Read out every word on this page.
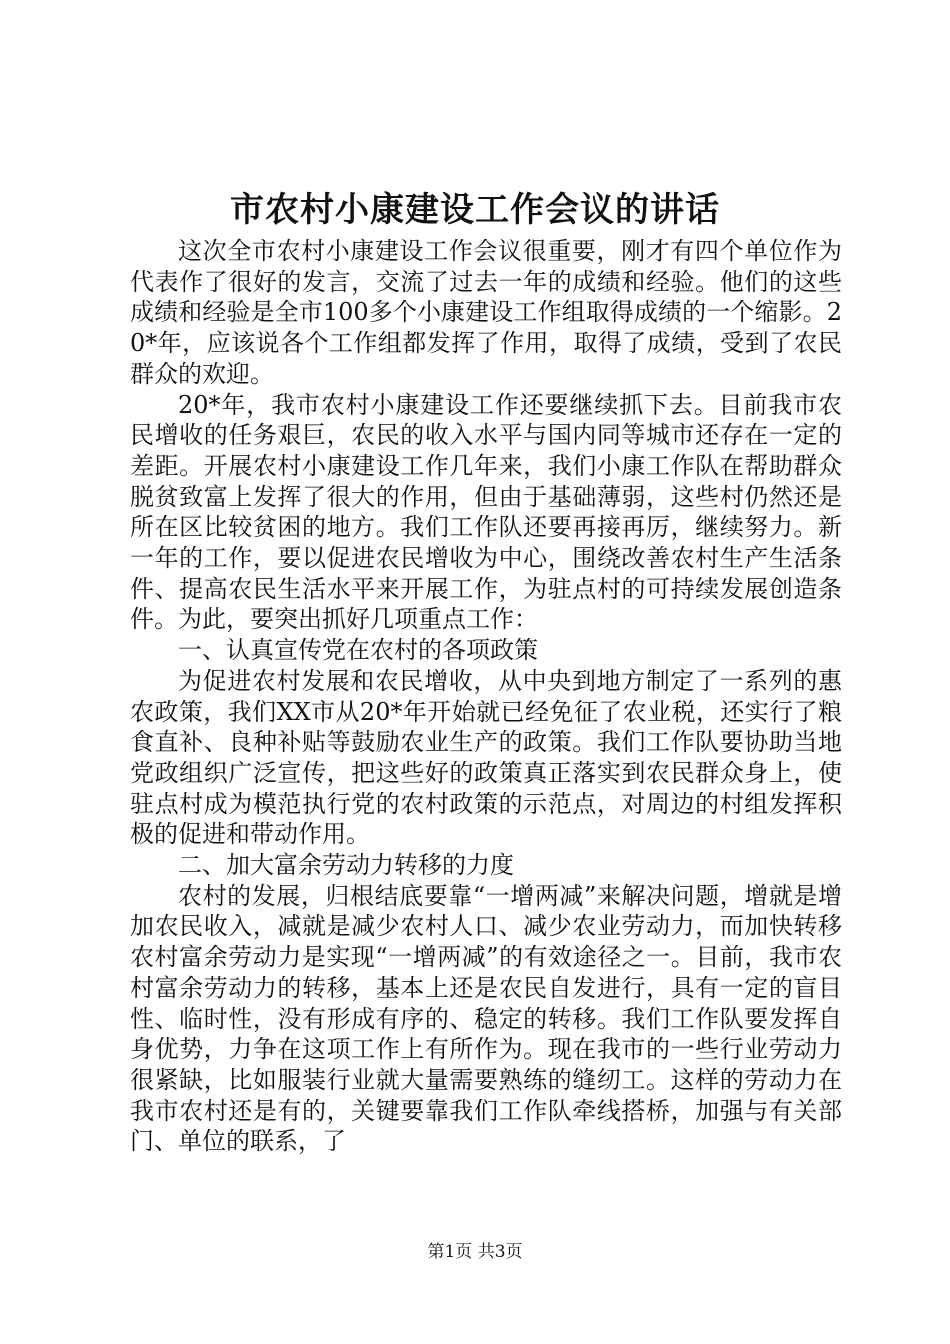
市农村小康建设工作会议的讲话

这次全市农村小康建设工作会议很重要，刚才有四个单位作为代表作了很好的发言，交流了过去一年的成绩和经验。他们的这些成绩和经验是全市100多个小康建设工作组取得成绩的一个缩影。20*年，应该说各个工作组都发挥了作用，取得了成绩，受到了农民群众的欢迎。

20*年，我市农村小康建设工作还要继续抓下去。目前我市农民增收的任务艰巨，农民的收入水平与国内同等城市还存在一定的差距。开展农村小康建设工作几年来，我们小康工作队在帮助群众脱贫致富上发挥了很大的作用，但由于基础薄弱，这些村仍然还是所在区比较贫困的地方。我们工作队还要再接再厉，继续努力。新一年的工作，要以促进农民增收为中心，围绕改善农村生产生活条件、提高农民生活水平来开展工作，为驻点村的可持续发展创造条件。为此，要突出抓好几项重点工作：

一、认真宣传党在农村的各项政策

为促进农村发展和农民增收，从中央到地方制定了一系列的惠农政策，我们XX市从20*年开始就已经免征了农业税，还实行了粮食直补、良种补贴等鼓励农业生产的政策。我们工作队要协助当地党政组织广泛宣传，把这些好的政策真正落实到农民群众身上，使驻点村成为模范执行党的农村政策的示范点，对周边的村组发挥积极的促进和带动作用。

二、加大富余劳动力转移的力度

农村的发展，归根结底要靠“一增两减”来解决问题，增就是增加农民收入，减就是减少农村人口、减少农业劳动力，而加快转移农村富余劳动力是实现“一增两减”的有效途径之一。目前，我市农村富余劳动力的转移，基本上还是农民自发进行，具有一定的盲目性、临时性，没有形成有序的、稳定的转移。我们工作队要发挥自身优势，力争在这项工作上有所作为。现在我市的一些行业劳动力很紧缺，比如服装行业就大量需要熟练的缝纫工。这样的劳动力在我市农村还是有的，关键要靠我们工作队牵线搭桥，加强与有关部门、单位的联系，了

第1页 共3页
